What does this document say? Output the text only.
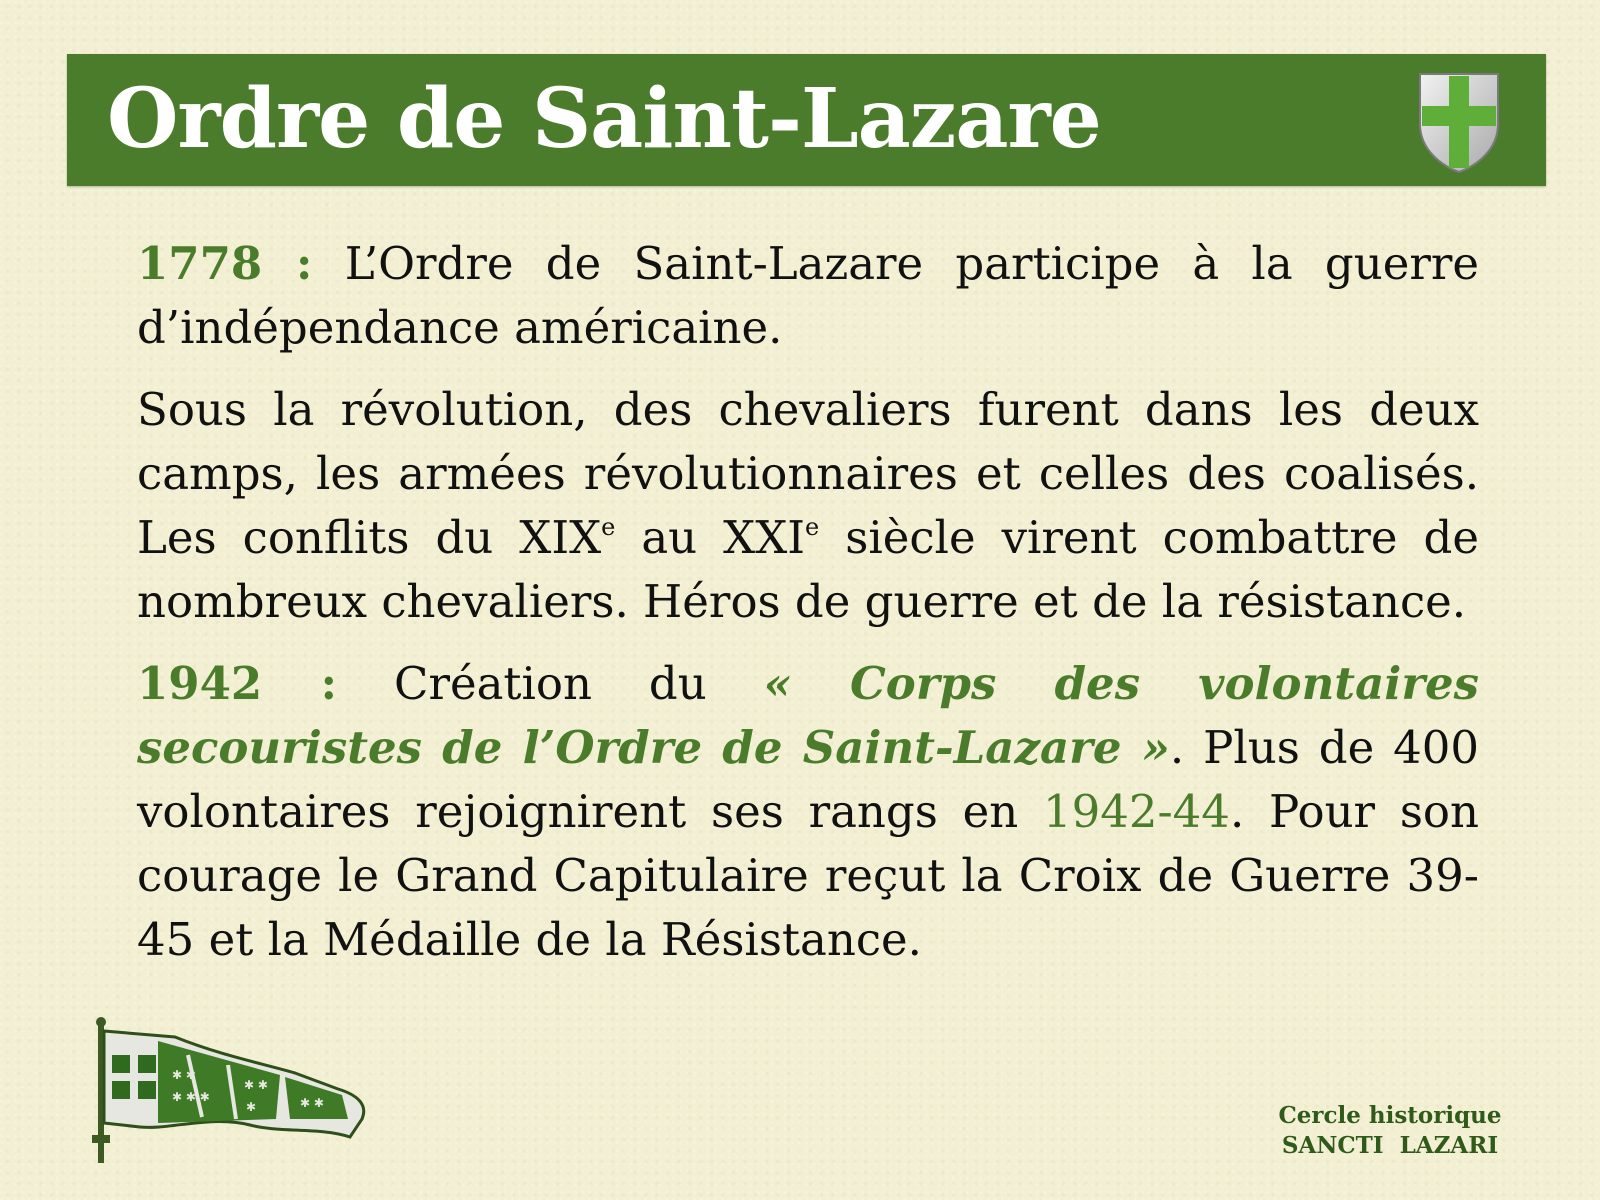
Ordre de Saint-Lazare

1778 : L’Ordre de Saint-Lazare participe à la guerre d’indépendance américaine.

Sous la révolution, des chevaliers furent dans les deux camps, les armées révolutionnaires et celles des coalisés. Les conflits du XIXe au XXIe siècle virent combattre de nombreux chevaliers. Héros de guerre et de la résistance.

1942 : Création du « Corps des volontaires secouristes de l’Ordre de Saint-Lazare ». Plus de 400 volontaires rejoignirent ses rangs en 1942-44. Pour son courage le Grand Capitulaire reçut la Croix de Guerre 39-45 et la Médaille de la Résistance.

✱ ✱
✱ ✱ ✱
✱ ✱
✱	✱ ✱	Cercle historique
SANCTI  LAZARI
